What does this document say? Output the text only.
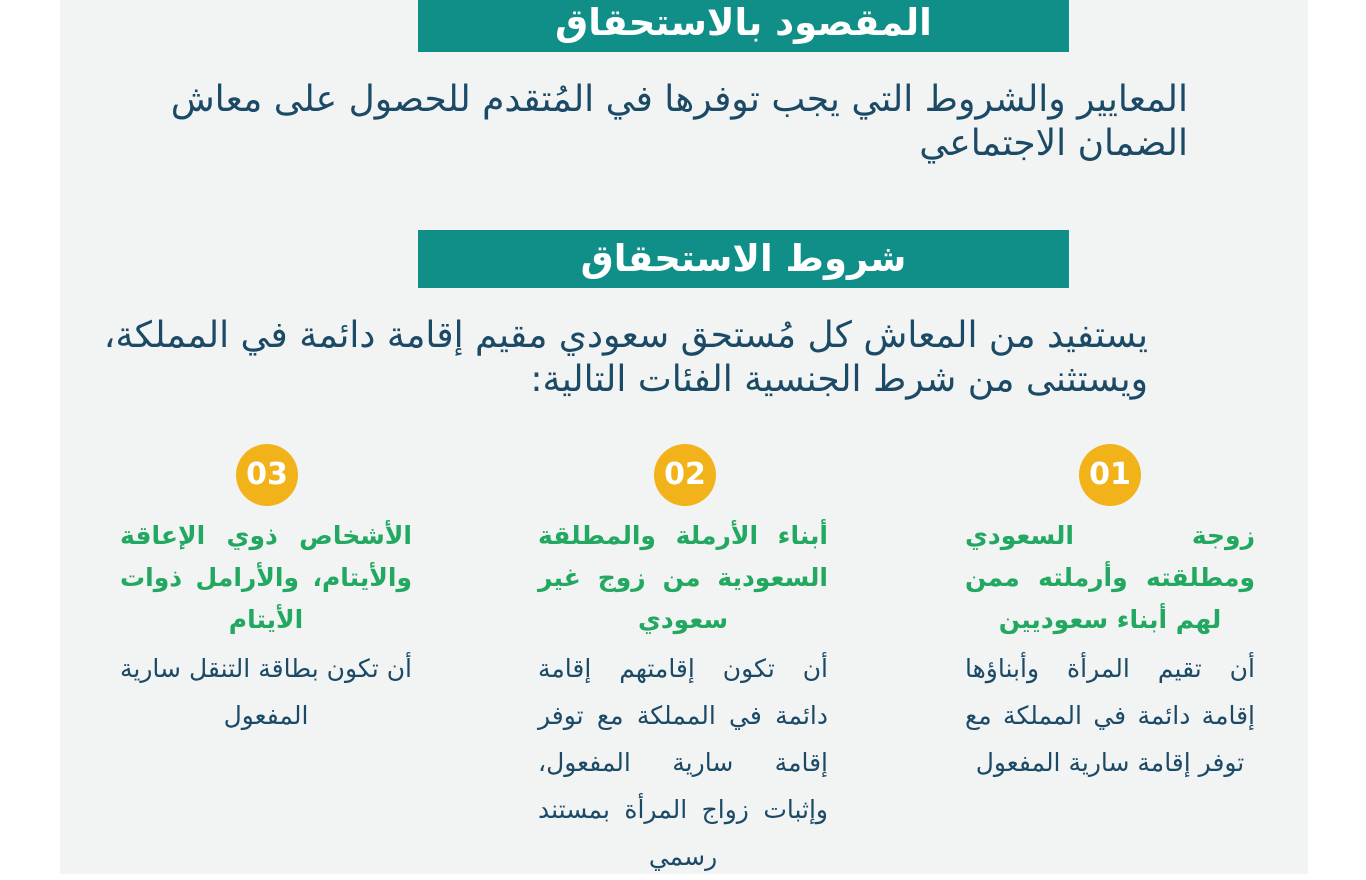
المقصود بالاستحقاق

المعايير والشروط التي يجب توفرها في المُتقدم للحصول على معاش الضمان الاجتماعي

شروط الاستحقاق

يستفيد من المعاش كل مُستحق سعودي مقيم إقامة دائمة في المملكة، ويستثنى من شرط الجنسية الفئات التالية:

01
02
03

زوجة السعودي ومطلقته وأرملته ممن لهم أبناء سعوديين

أن تقيم المرأة وأبناؤها إقامة دائمة في المملكة مع توفر إقامة سارية المفعول

أبناء الأرملة والمطلقة السعودية من زوج غير سعودي

أن تكون إقامتهم إقامة دائمة في المملكة مع توفر إقامة سارية المفعول، وإثبات زواج المرأة بمستند رسمي

الأشخاص ذوي الإعاقة والأيتام، والأرامل ذوات الأيتام

أن تكون بطاقة التنقل سارية المفعول
